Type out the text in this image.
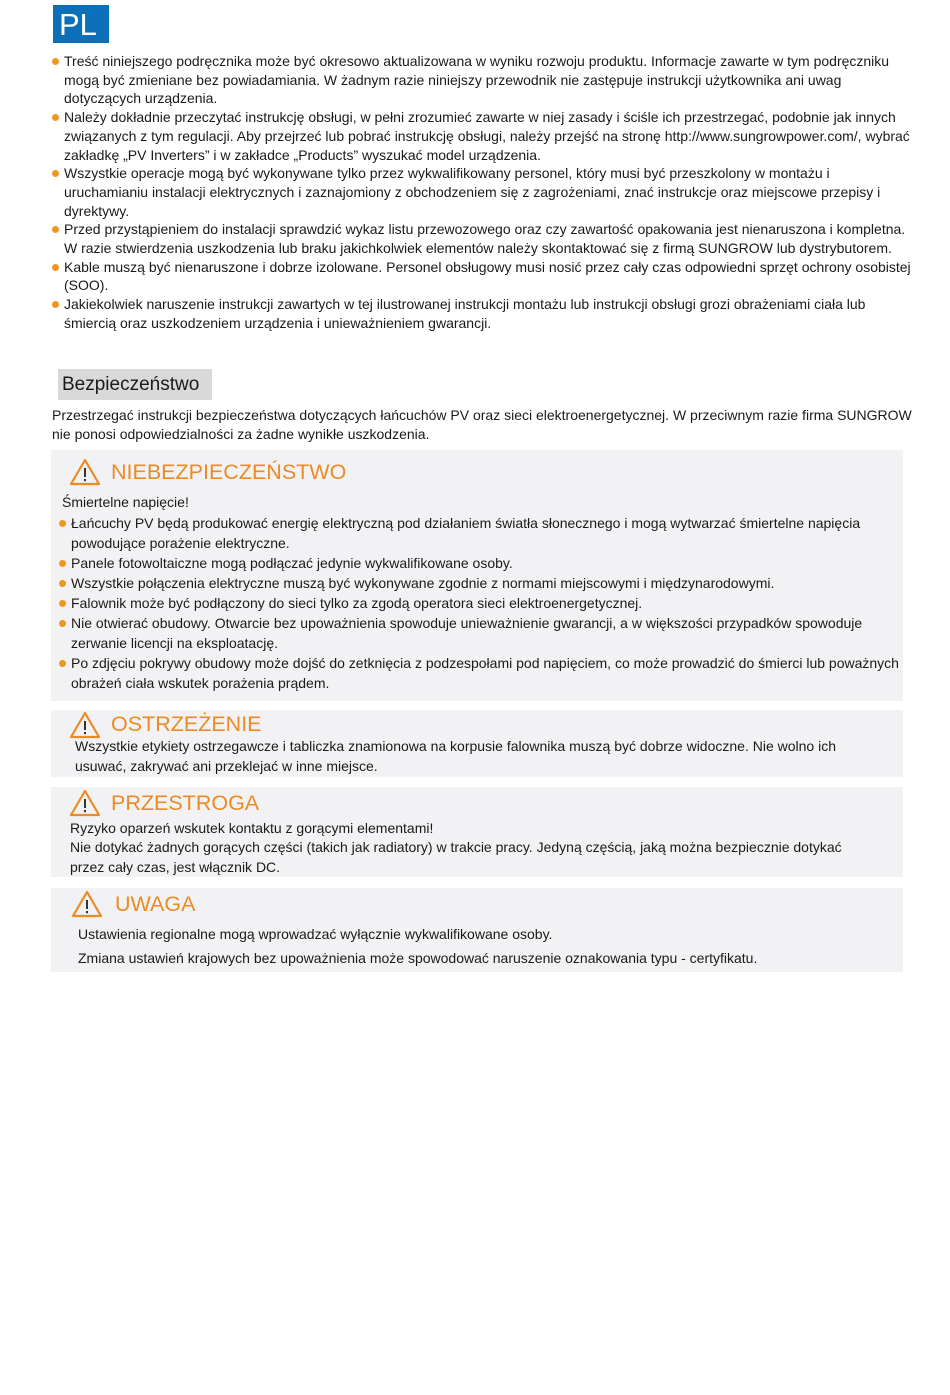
PL
Treść niniejszego podręcznika może być okresowo aktualizowana w wyniku rozwoju produktu. Informacje zawarte w tym podręczniku mogą być zmieniane bez powiadamiania. W żadnym razie niniejszy przewodnik nie zastępuje instrukcji użytkownika ani uwag dotyczących urządzenia.
Należy dokładnie przeczytać instrukcję obsługi, w pełni zrozumieć zawarte w niej zasady i ściśle ich przestrzegać, podobnie jak innych związanych z tym regulacji. Aby przejrzeć lub pobrać instrukcję obsługi, należy przejść na stronę http://www.sungrowpower.com/, wybrać zakładkę „PV Inverters” i w zakładce „Products” wyszukać model urządzenia.
Wszystkie operacje mogą być wykonywane tylko przez wykwalifikowany personel, który musi być przeszkolony w montażu i uruchamianiu instalacji elektrycznych i zaznajomiony z obchodzeniem się z zagrożeniami, znać instrukcje oraz miejscowe przepisy i dyrektywy.
Przed przystąpieniem do instalacji sprawdzić wykaz listu przewozowego oraz czy zawartość opakowania jest nienaruszona i kompletna. W razie stwierdzenia uszkodzenia lub braku jakichkolwiek elementów należy skontaktować się z firmą SUNGROW lub dystrybutorem.
Kable muszą być nienaruszone i dobrze izolowane. Personel obsługowy musi nosić przez cały czas odpowiedni sprzęt ochrony osobistej (SOO).
Jakiekolwiek naruszenie instrukcji zawartych w tej ilustrowanej instrukcji montażu lub instrukcji obsługi grozi obrażeniami ciała lub śmiercią oraz uszkodzeniem urządzenia i unieważnieniem gwarancji.
Bezpieczeństwo

Przestrzegać instrukcji bezpieczeństwa dotyczących łańcuchów PV oraz sieci elektroenergetycznej. W przeciwnym razie firma SUNGROW nie ponosi odpowiedzialności za żadne wynikłe uszkodzenia.

NIEBEZPIECZEŃSTWO

Śmiertelne napięcie!

Łańcuchy PV będą produkować energię elektryczną pod działaniem światła słonecznego i mogą wytwarzać śmiertelne napięcia powodujące porażenie elektryczne.
Panele fotowoltaiczne mogą podłączać jedynie wykwalifikowane osoby.
Wszystkie połączenia elektryczne muszą być wykonywane zgodnie z normami miejscowymi i międzynarodowymi.
Falownik może być podłączony do sieci tylko za zgodą operatora sieci elektroenergetycznej.
Nie otwierać obudowy. Otwarcie bez upoważnienia spowoduje unieważnienie gwarancji, a w większości przypadków spowoduje zerwanie licencji na eksploatację.
Po zdjęciu pokrywy obudowy może dojść do zetknięcia z podzespołami pod napięciem, co może prowadzić do śmierci lub poważnych obrażeń ciała wskutek porażenia prądem.
OSTRZEŻENIE

Wszystkie etykiety ostrzegawcze i tabliczka znamionowa na korpusie falownika muszą być dobrze widoczne. Nie wolno ich usuwać, zakrywać ani przeklejać w inne miejsce.

PRZESTROGA

Ryzyko oparzeń wskutek kontaktu z gorącymi elementami!

Nie dotykać żadnych gorących części (takich jak radiatory) w trakcie pracy. Jedyną częścią, jaką można bezpiecznie dotykać przez cały czas, jest włącznik DC.

UWAGA

Ustawienia regionalne mogą wprowadzać wyłącznie wykwalifikowane osoby.

Zmiana ustawień krajowych bez upoważnienia może spowodować naruszenie oznakowania typu - certyfikatu.
